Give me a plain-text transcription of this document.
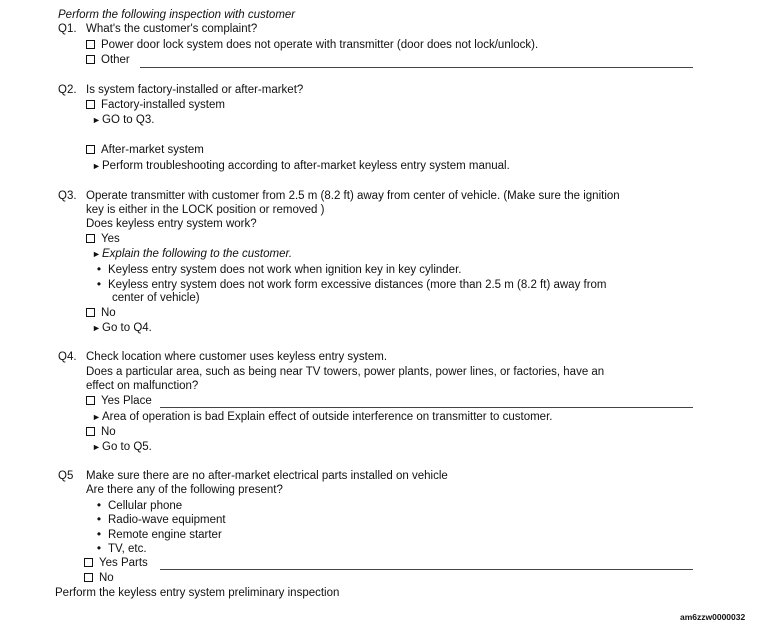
Perform the following inspection with customer
Q1. What's the customer's complaint?
Power door lock system does not operate with transmitter (door does not lock/unlock).
Other
Q2. Is system factory-installed or after-market?
Factory-installed system
►GO to Q3.
After-market system
►Perform troubleshooting according to after-market keyless entry system manual.
Q3. Operate transmitter with customer from 2.5 m (8.2 ft) away from center of vehicle. (Make sure the ignition
key is either in the LOCK position or removed )
Does keyless entry system work?
Yes
►Explain the following to the customer.
• Keyless entry system does not work when ignition key in key cylinder.
• Keyless entry system does not work form excessive distances (more than 2.5 m (8.2 ft) away from
center of vehicle)
No
►Go to Q4.
Q4. Check location where customer uses keyless entry system.
Does a particular area, such as being near TV towers, power plants, power lines, or factories, have an
effect on malfunction?
Yes Place
►Area of operation is bad Explain effect of outside interference on transmitter to customer.
No
►Go to Q5.
Q5 Make sure there are no after-market electrical parts installed on vehicle
Are there any of the following present?
• Cellular phone
• Radio-wave equipment
• Remote engine starter
• TV, etc.
Yes Parts
No
Perform the keyless entry system preliminary inspection
am6zzw0000032
